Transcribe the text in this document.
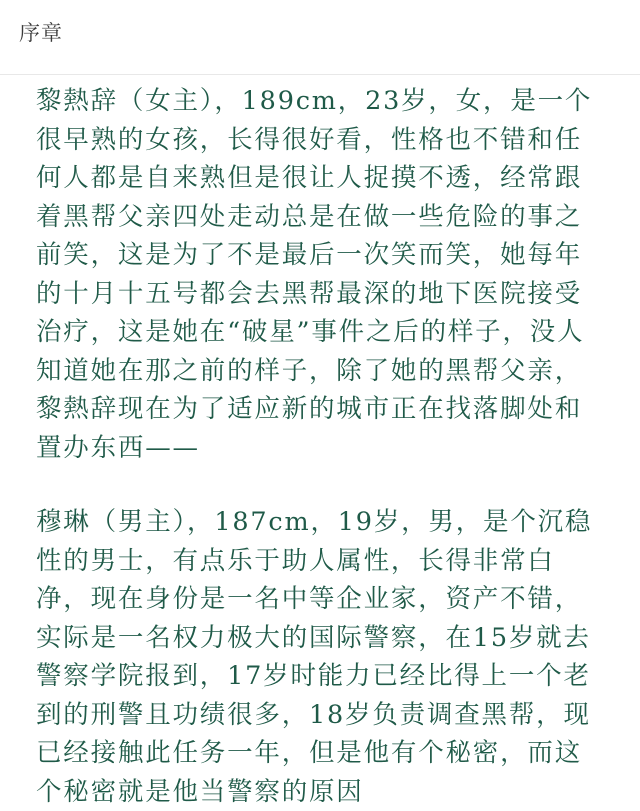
序章

黎熱辞（女主），189cm，23岁，女，是一个很早熟的女孩，长得很好看，性格也不错和任何人都是自来熟但是很让人捉摸不透，经常跟着黑帮父亲四处走动总是在做一些危险的事之前笑，这是为了不是最后一次笑而笑，她每年的十月十五号都会去黑帮最深的地下医院接受治疗，这是她在“破星”事件之后的样子，没人知道她在那之前的样子，除了她的黑帮父亲，黎熱辞现在为了适应新的城市正在找落脚处和置办东西——

穆琳（男主），187cm，19岁，男，是个沉稳性的男士，有点乐于助人属性，长得非常白净，现在身份是一名中等企业家，资产不错，实际是一名权力极大的国际警察，在15岁就去警察学院报到，17岁时能力已经比得上一个老到的刑警且功绩很多，18岁负责调查黑帮，现已经接触此任务一年，但是他有个秘密，而这个秘密就是他当警察的原因
